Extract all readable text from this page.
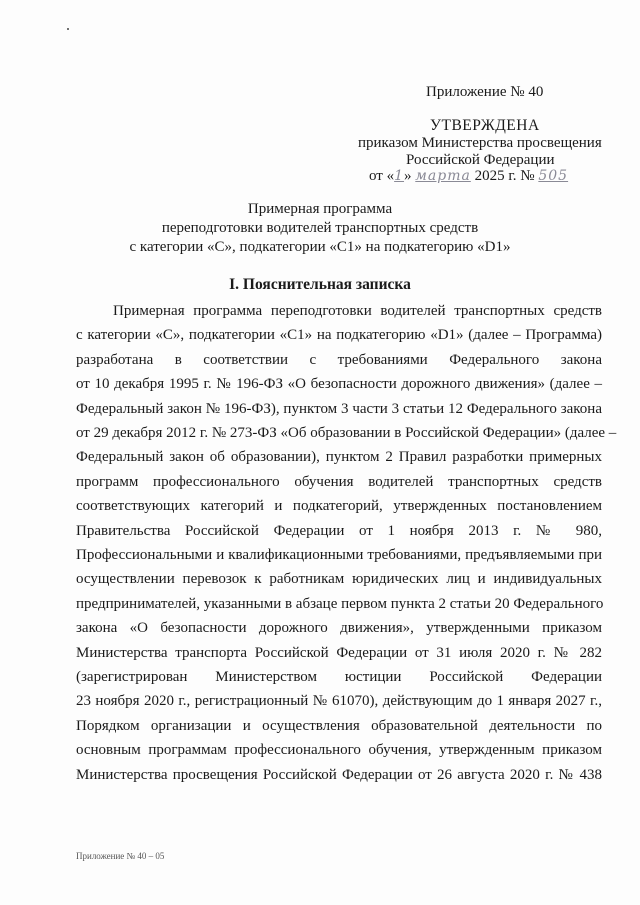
Приложение № 40
УТВЕРЖДЕНА
приказом Министерства просвещения
Российской Федерации
от «1» марта 2025 г. № 505
Примерная программа
переподготовки водителей транспортных средств
с категории «С», подкатегории «С1» на подкатегорию «D1»
I. Пояснительная записка
Примерная программа переподготовки водителей транспортных средств
с категории «С», подкатегории «С1» на подкатегорию «D1» (далее – Программа)
разработана в соответствии с требованиями Федерального закона
от 10 декабря 1995 г. № 196-ФЗ «О безопасности дорожного движения» (далее –
Федеральный закон № 196-ФЗ), пунктом 3 части 3 статьи 12 Федерального закона
от 29 декабря 2012 г. № 273-ФЗ «Об образовании в Российской Федерации» (далее –
Федеральный закон об образовании), пунктом 2 Правил разработки примерных
программ профессионального обучения водителей транспортных средств
соответствующих категорий и подкатегорий, утвержденных постановлением
Правительства Российской Федерации от 1 ноября 2013 г. № 980,
Профессиональными и квалификационными требованиями, предъявляемыми при
осуществлении перевозок к работникам юридических лиц и индивидуальных
предпринимателей, указанными в абзаце первом пункта 2 статьи 20 Федерального
закона «О безопасности дорожного движения», утвержденными приказом
Министерства транспорта Российской Федерации от 31 июля 2020 г. № 282
(зарегистрирован Министерством юстиции Российской Федерации
23 ноября 2020 г., регистрационный № 61070), действующим до 1 января 2027 г.,
Порядком организации и осуществления образовательной деятельности по
основным программам профессионального обучения, утвержденным приказом
Министерства просвещения Российской Федерации от 26 августа 2020 г. № 438
Приложение № 40 – 05
